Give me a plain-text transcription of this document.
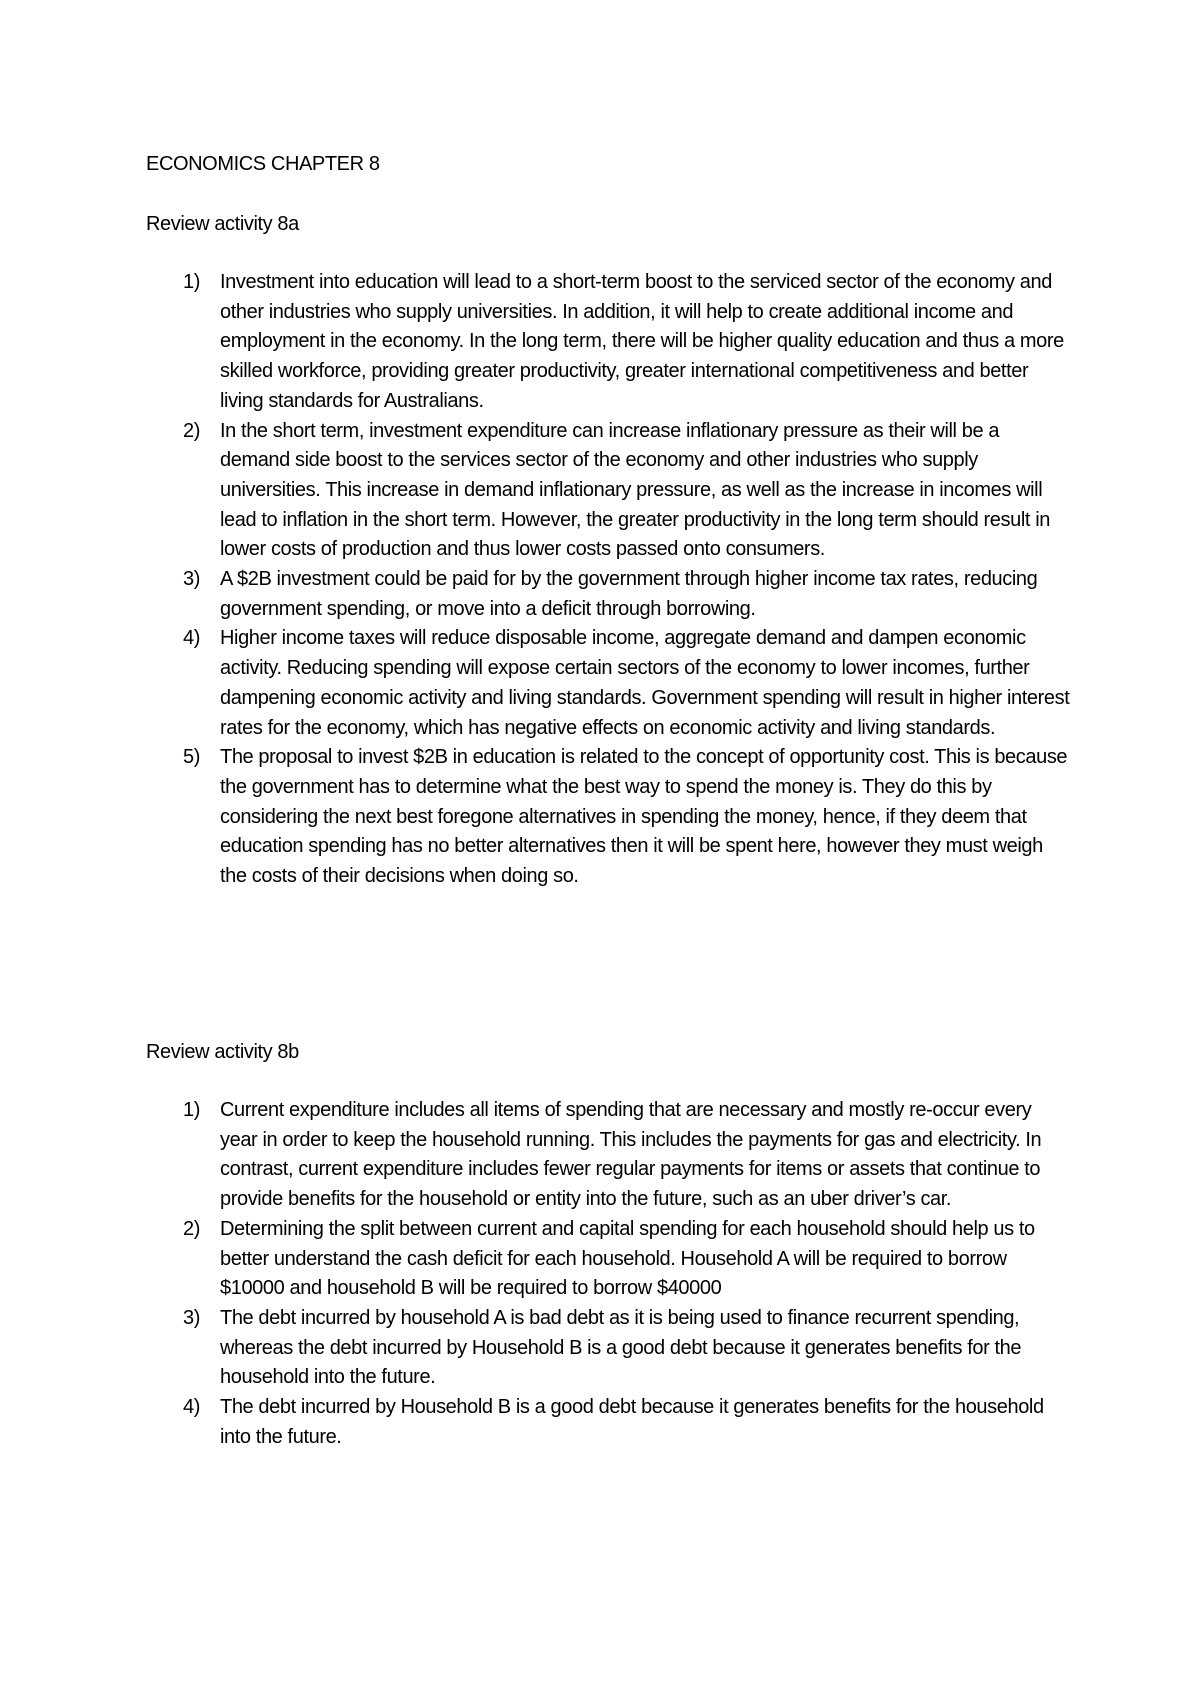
ECONOMICS CHAPTER 8
Review activity 8a
1) Investment into education will lead to a short-term boost to the serviced sector of the economy and other industries who supply universities. In addition, it will help to create additional income and employment in the economy. In the long term, there will be higher quality education and thus a more skilled workforce, providing greater productivity, greater international competitiveness and better living standards for Australians.
2) In the short term, investment expenditure can increase inflationary pressure as their will be a demand side boost to the services sector of the economy and other industries who supply universities. This increase in demand inflationary pressure, as well as the increase in incomes will lead to inflation in the short term. However, the greater productivity in the long term should result in lower costs of production and thus lower costs passed onto consumers.
3) A $2B investment could be paid for by the government through higher income tax rates, reducing government spending, or move into a deficit through borrowing.
4) Higher income taxes will reduce disposable income, aggregate demand and dampen economic activity. Reducing spending will expose certain sectors of the economy to lower incomes, further dampening economic activity and living standards. Government spending will result in higher interest rates for the economy, which has negative effects on economic activity and living standards.
5) The proposal to invest $2B in education is related to the concept of opportunity cost. This is because the government has to determine what the best way to spend the money is. They do this by considering the next best foregone alternatives in spending the money, hence, if they deem that education spending has no better alternatives then it will be spent here, however they must weigh the costs of their decisions when doing so.
Review activity 8b
1) Current expenditure includes all items of spending that are necessary and mostly re-occur every year in order to keep the household running. This includes the payments for gas and electricity. In contrast, current expenditure includes fewer regular payments for items or assets that continue to provide benefits for the household or entity into the future, such as an uber driver’s car.
2) Determining the split between current and capital spending for each household should help us to better understand the cash deficit for each household. Household A will be required to borrow $10000 and household B will be required to borrow $40000
3) The debt incurred by household A is bad debt as it is being used to finance recurrent spending, whereas the debt incurred by Household B is a good debt because it generates benefits for the household into the future.
4) The debt incurred by Household B is a good debt because it generates benefits for the household into the future.
